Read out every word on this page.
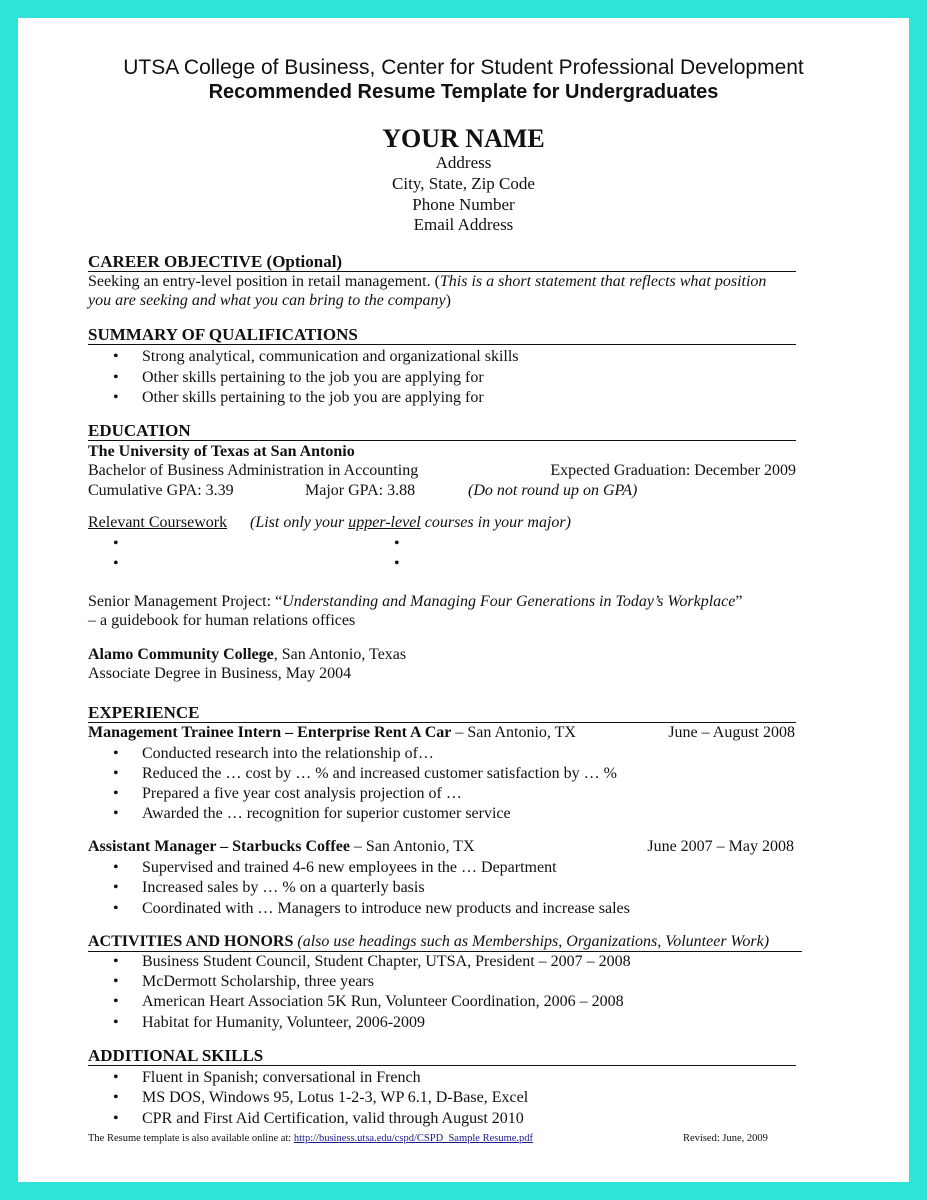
UTSA College of Business, Center for Student Professional Development
Recommended Resume Template for Undergraduates
YOUR NAME
Address
City, State, Zip Code
Phone Number
Email Address
CAREER OBJECTIVE (Optional)
Seeking an entry-level position in retail management. (This is a short statement that reflects what position
you are seeking and what you can bring to the company)
SUMMARY OF QUALIFICATIONS
• Strong analytical, communication and organizational skills
• Other skills pertaining to the job you are applying for
• Other skills pertaining to the job you are applying for
EDUCATION
The University of Texas at San Antonio
Bachelor of Business Administration in Accounting	Expected Graduation: December 2009
Cumulative GPA: 3.39	Major GPA: 3.88	(Do not round up on GPA)
Relevant Coursework (List only your upper-level courses in your major)
•	•
•	•
Senior Management Project: “Understanding and Managing Four Generations in Today’s Workplace”
– a guidebook for human relations offices
Alamo Community College, San Antonio, Texas
Associate Degree in Business, May 2004
EXPERIENCE
Management Trainee Intern – Enterprise Rent A Car – San Antonio, TX	June – August 2008
• Conducted research into the relationship of…
• Reduced the … cost by … % and increased customer satisfaction by … %
• Prepared a five year cost analysis projection of …
• Awarded the … recognition for superior customer service
Assistant Manager – Starbucks Coffee – San Antonio, TX	June 2007 – May 2008
• Supervised and trained 4-6 new employees in the … Department
• Increased sales by … % on a quarterly basis
• Coordinated with … Managers to introduce new products and increase sales
ACTIVITIES AND HONORS (also use headings such as Memberships, Organizations, Volunteer Work)
• Business Student Council, Student Chapter, UTSA, President – 2007 – 2008
• McDermott Scholarship, three years
• American Heart Association 5K Run, Volunteer Coordination, 2006 – 2008
• Habitat for Humanity, Volunteer, 2006-2009
ADDITIONAL SKILLS
• Fluent in Spanish; conversational in French
• MS DOS, Windows 95, Lotus 1-2-3, WP 6.1, D-Base, Excel
• CPR and First Aid Certification, valid through August 2010
The Resume template is also available online at: http://business.utsa.edu/cspd/CSPD_Sample Resume.pdf	Revised: June, 2009
